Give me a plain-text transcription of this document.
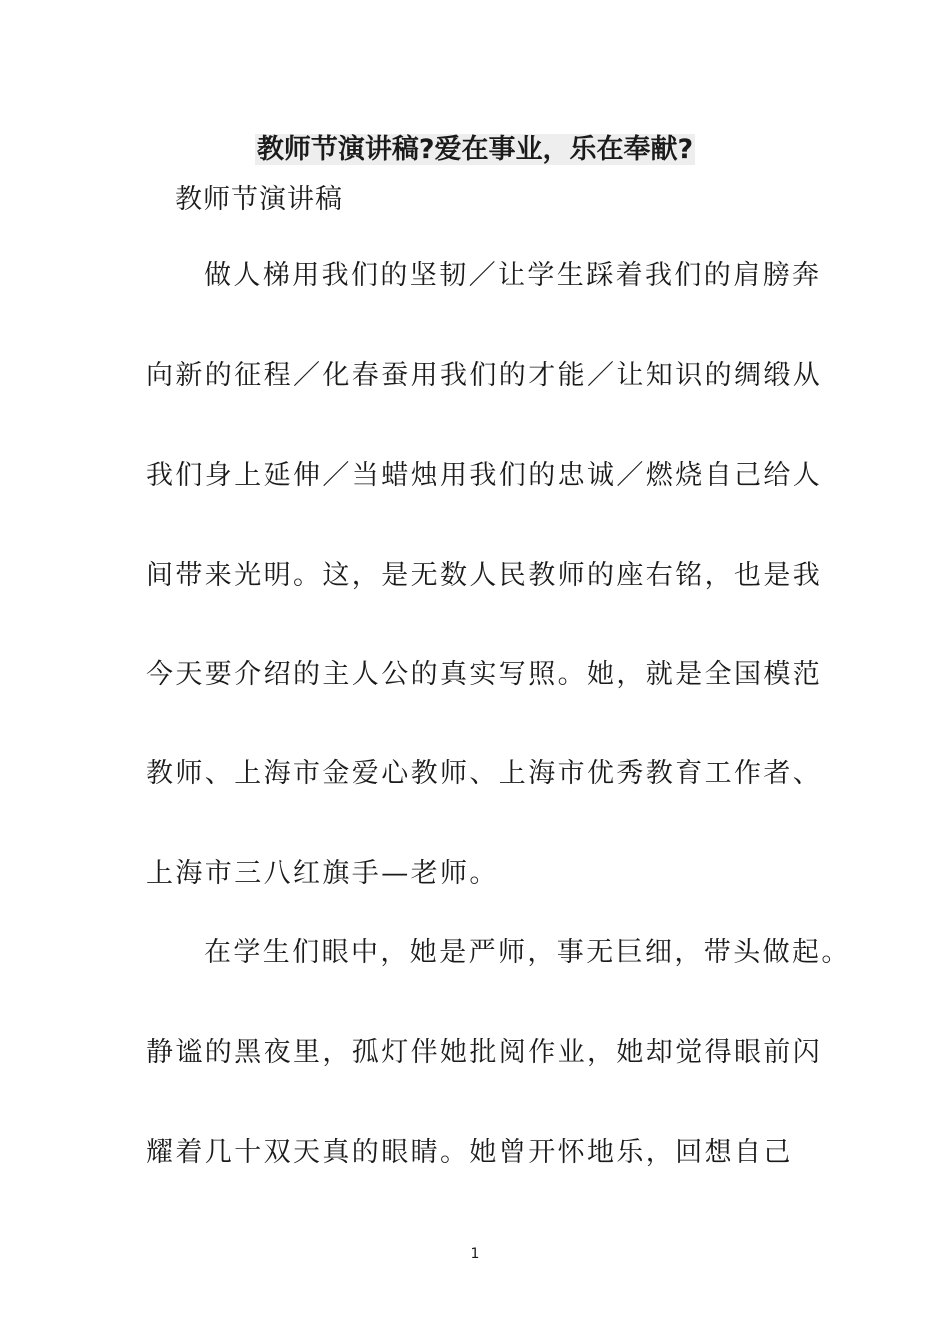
教师节演讲稿?爱在事业，乐在奉献?

教师节演讲稿

做人梯用我们的坚韧／让学生踩着我们的肩膀奔

向新的征程／化春蚕用我们的才能／让知识的绸缎从

我们身上延伸／当蜡烛用我们的忠诚／燃烧自己给人

间带来光明。这，是无数人民教师的座右铭，也是我

今天要介绍的主人公的真实写照。她，就是全国模范

教师、上海市金爱心教师、上海市优秀教育工作者、

上海市三八红旗手—老师。

在学生们眼中，她是严师，事无巨细，带头做起。

静谧的黑夜里，孤灯伴她批阅作业，她却觉得眼前闪

耀着几十双天真的眼睛。她曾开怀地乐，回想自己

1
